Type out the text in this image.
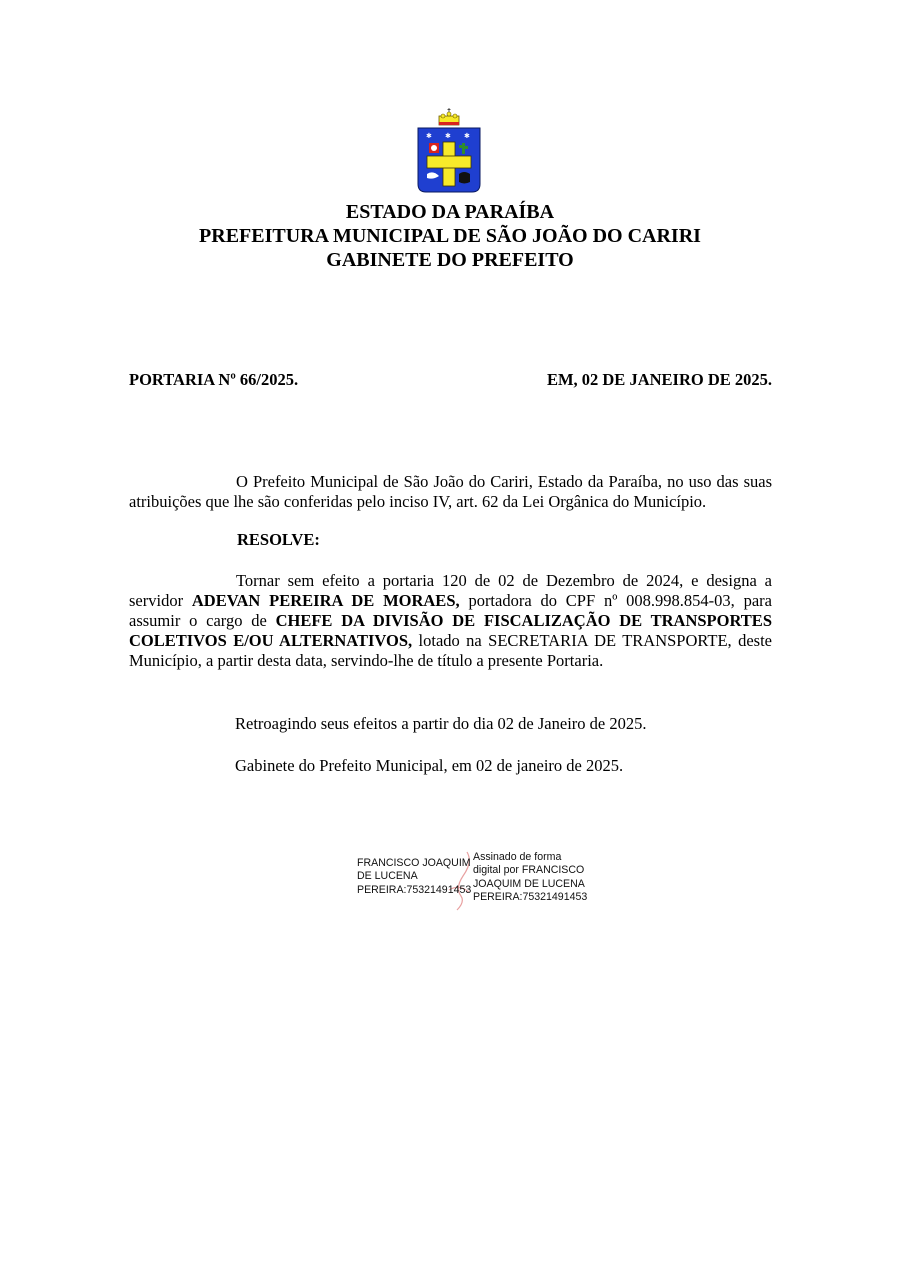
✱ ✱ ✱
ESTADO DA PARAÍBA
PREFEITURA MUNICIPAL DE SÃO JOÃO DO CARIRI
GABINETE DO PREFEITO
PORTARIA Nº 66/2025.	EM, 02 DE JANEIRO DE 2025.

O Prefeito Municipal de São João do Cariri, Estado da Paraíba, no uso das suas atribuições que lhe são conferidas pelo inciso IV, art. 62 da Lei Orgânica do Município.

RESOLVE:

Tornar sem efeito a portaria 120 de 02 de Dezembro de 2024, e designa a servidor ADEVAN PEREIRA DE MORAES, portadora do CPF nº 008.998.854-03, para assumir o cargo de CHEFE DA DIVISÃO DE FISCALIZAÇÃO DE TRANSPORTES COLETIVOS E/OU ALTERNATIVOS, lotado na SECRETARIA DE TRANSPORTE, deste Município, a partir desta data, servindo-lhe de título a presente Portaria.

Retroagindo seus efeitos a partir do dia 02 de Janeiro de 2025.

Gabinete do Prefeito Municipal, em 02 de janeiro de 2025.

FRANCISCO JOAQUIM
DE LUCENA
PEREIRA:75321491453
Assinado de forma
digital por FRANCISCO
JOAQUIM DE LUCENA
PEREIRA:75321491453
